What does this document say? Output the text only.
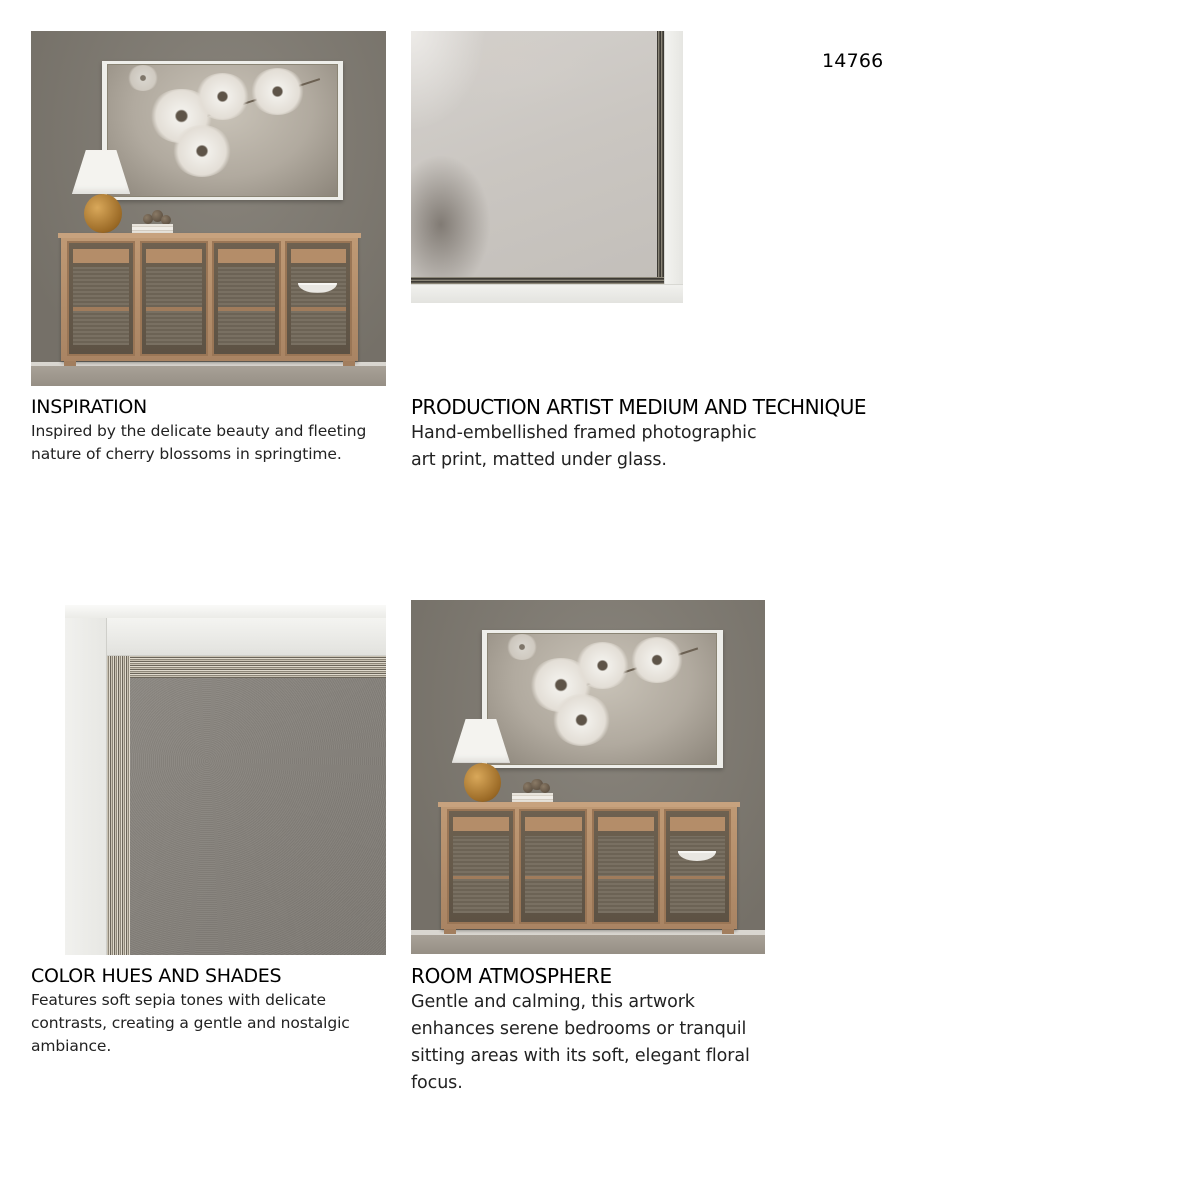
14766
INSPIRATION
Inspired by the delicate beauty and fleeting
nature of cherry blossoms in springtime.
PRODUCTION ARTIST MEDIUM AND TECHNIQUE
Hand-embellished framed photographic
art print, matted under glass.
COLOR HUES AND SHADES
Features soft sepia tones with delicate
contrasts, creating a gentle and nostalgic
ambiance.
ROOM ATMOSPHERE
Gentle and calming, this artwork
enhances serene bedrooms or tranquil
sitting areas with its soft, elegant floral
focus.
